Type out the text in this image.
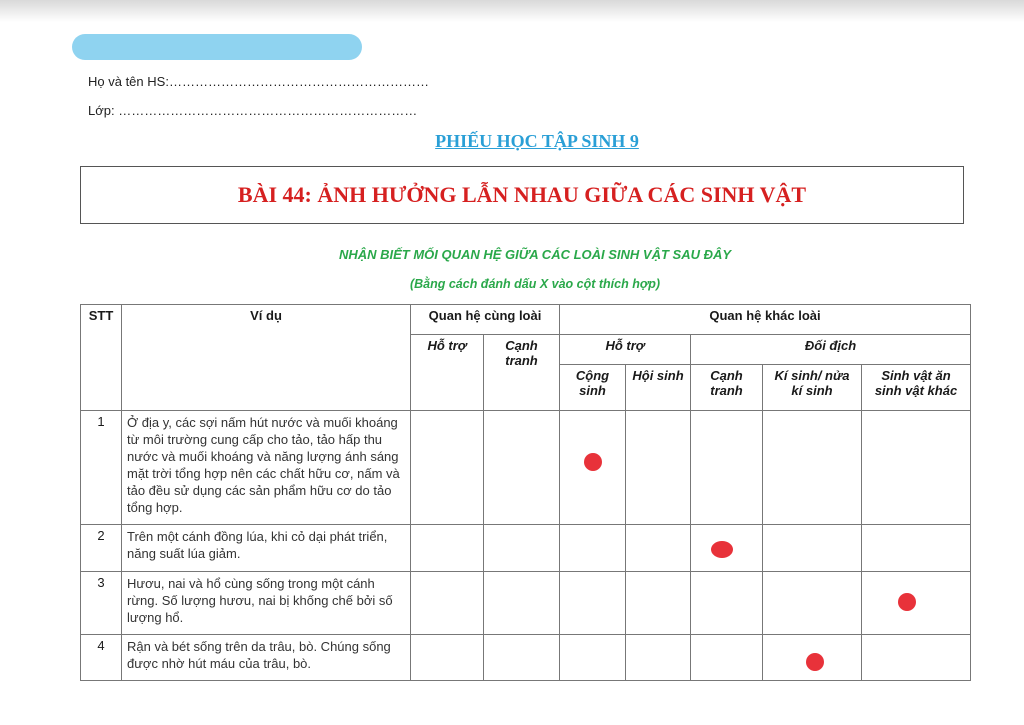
Họ và tên HS:……………………………………………………
Lớp: ……………………………………………………………
PHIẾU HỌC TẬP SINH 9
BÀI 44: ẢNH HƯỞNG LẪN NHAU GIỮA CÁC SINH VẬT
NHẬN BIẾT MỐI QUAN HỆ GIỮA CÁC LOÀI SINH VẬT SAU ĐÂY
(Bằng cách đánh dấu X vào cột thích hợp)
STT	Ví dụ	Quan hệ cùng loài		Quan hệ khác loài				
		Hỗ trợ	Cạnh tranh	Hỗ trợ		Đối địch		
				Cộng sinh	Hội sinh	Cạnh tranh	Kí sinh/ nửa kí sinh	Sinh vật ăn sinh vật khác
1	Ở địa y, các sợi nấm hút nước và muối khoáng từ môi trường cung cấp cho tảo, tảo hấp thu nước và muối khoáng và năng lượng ánh sáng mặt trời tổng hợp nên các chất hữu cơ, nấm và tảo đều sử dụng các sản phẩm hữu cơ do tảo tổng hợp.							
2	Trên một cánh đồng lúa, khi cỏ dại phát triển, năng suất lúa giảm.							
3	Hươu, nai và hổ cùng sống trong một cánh rừng. Số lượng hươu, nai bị khống chế bởi số lượng hổ.							
4	Rận và bét sống trên da trâu, bò. Chúng sống được nhờ hút máu của trâu, bò.							
